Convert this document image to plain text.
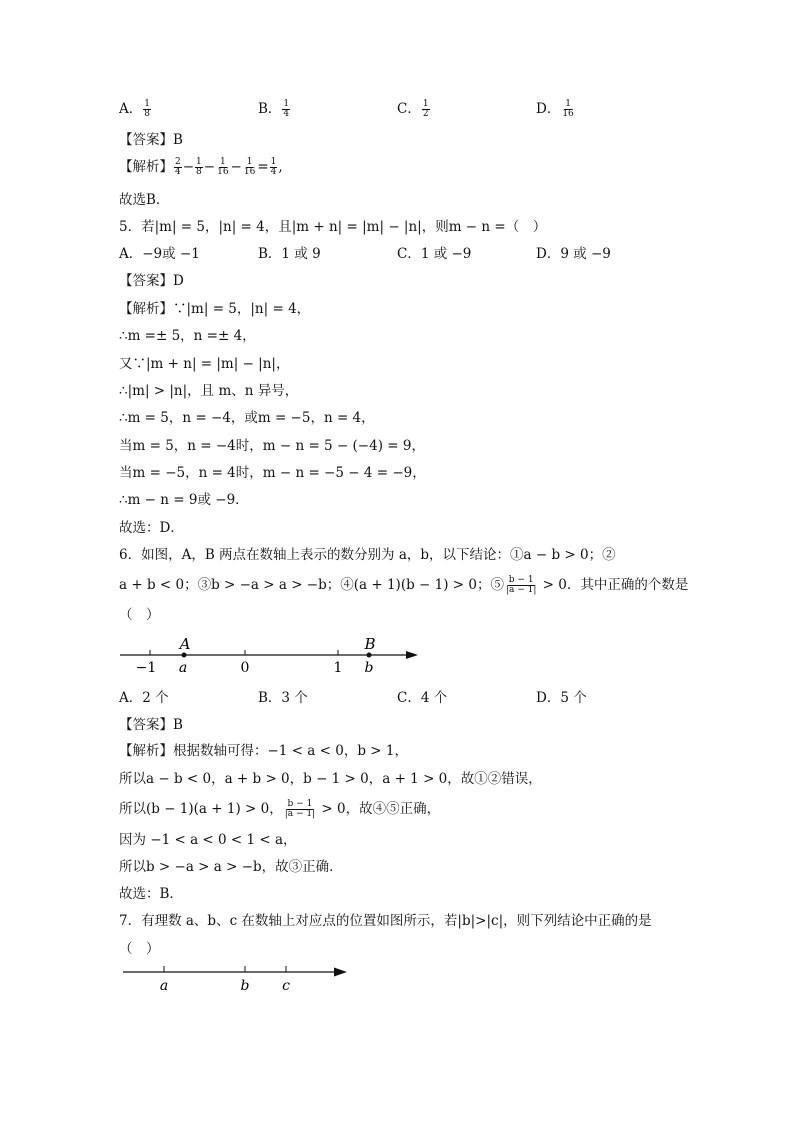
A． $\frac{1}{8}$	B． $\frac{1}{4}$	C． $\frac{1}{2}$	D． $\frac{1}{16}$
【答案】B
【解析】 $\frac{2}{4} - \frac{1}{8} - \frac{1}{16} - \frac{1}{16} = \frac{1}{4}$ ,
故选B．
5．若|m| = 5，|n| = 4，且|m + n| = |m| − |n|，则m − n =（　）
A．−9或 −1	B．1 或 9	C．1 或 −9	D．9 或 −9
【答案】D
【解析】∵|m| = 5，|n| = 4，
∴m =± 5，n =± 4，
又∵|m + n| = |m| − |n|，
∴|m| > |n|，且 m、n 异号，
∴m = 5，n = −4，或m = −5，n = 4，
当m = 5，n = −4时，m − n = 5 − (−4) = 9，
当m = −5，n = 4时，m − n = −5 − 4 = −9，
∴m − n = 9或 −9．
故选：D．
6．如图，A，B 两点在数轴上表示的数分别为 a，b，以下结论：①a − b > 0；②
a + b < 0；③b > −a > a > −b；④(a + 1)(b − 1) > 0；⑤ $\frac{b - 1}{|a - 1|} > 0$．其中正确的个数是
（　）
−1	0	1
A
a
B
b
A．2 个	B．3 个	C．4 个	D．5 个
【答案】B
【解析】根据数轴可得：−1 < a < 0，b > 1，
所以a − b < 0，a + b > 0，b − 1 > 0，a + 1 > 0，故①②错误，
所以(b − 1)(a + 1) > 0， $\frac{b - 1}{|a - 1|} > 0$，故④⑤正确，
因为 −1 < a < 0 < 1 < a，
所以b > −a > a > −b，故③正确．
故选：B．
7．有理数 a、b、c 在数轴上对应点的位置如图所示，若|b|>|c|，则下列结论中正确的是
（　）
a	b c
